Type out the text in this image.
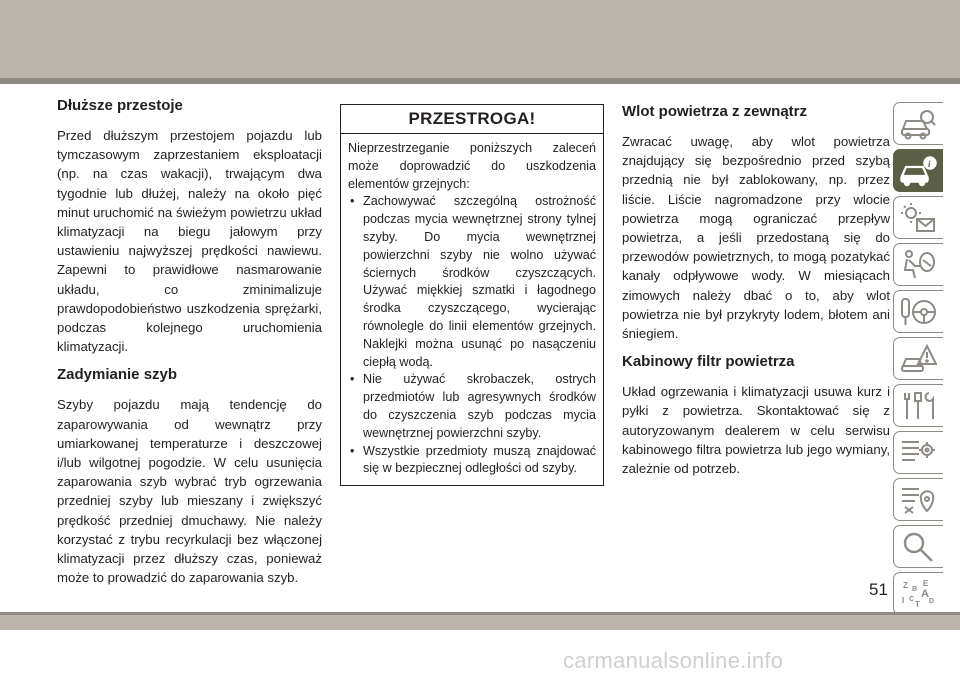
Dłuższe przestoje

Przed dłuższym przestojem pojazdu lub tymczasowym zaprzestaniem eksploatacji (np. na czas wakacji), trwającym dwa tygodnie lub dłużej, należy na około pięć minut uruchomić na świeżym powietrzu układ klimatyzacji na biegu jałowym przy ustawieniu najwyższej prędkości nawiewu. Zapewni to prawidłowe nasmarowanie układu, co zminimalizuje prawdopodobieństwo uszkodzenia sprężarki, podczas kolejnego uruchomienia klimatyzacji.

Zadymianie szyb

Szyby pojazdu mają tendencję do zaparowywania od wewnątrz przy umiarkowanej temperaturze i deszczowej i/lub wilgotnej pogodzie. W celu usunięcia zaparowania szyb wybrać tryb ogrzewania przedniej szyby lub mieszany i zwiększyć prędkość przedniej dmuchawy. Nie należy korzystać z trybu recyrkulacji bez włączonej klimatyzacji przez dłuższy czas, ponieważ może to prowadzić do zaparowania szyb.

PRZESTROGA!

Nieprzestrzeganie poniższych zaleceń może doprowadzić do uszkodzenia elementów grzejnych:

• Zachowywać szczególną ostrożność podczas mycia wewnętrznej strony tylnej szyby. Do mycia wewnętrznej powierzchni szyby nie wolno używać ściernych środków czyszczących. Używać miękkiej szmatki i łagodnego środka czyszczącego, wycierając równolegle do linii elementów grzejnych. Naklejki można usunąć po nasączeniu ciepłą wodą.
• Nie używać skrobaczek, ostrych przedmiotów lub agresywnych środków do czyszczenia szyb podczas mycia wewnętrznej powierzchni szyby.
• Wszystkie przedmioty muszą znajdować się w bezpiecznej odległości od szyby.
Wlot powietrza z zewnątrz

Zwracać uwagę, aby wlot powietrza znajdujący się bezpośrednio przed szybą przednią nie był zablokowany, np. przez liście. Liście nagromadzone przy wlocie powietrza mogą ograniczać przepływ powietrza, a jeśli przedostaną się do przewodów powietrznych, to mogą pozatykać kanały odpływowe wody. W miesiącach zimowych należy dbać o to, aby wlot powietrza nie był przykryty lodem, błotem ani śniegiem.

Kabinowy filtr powietrza

Układ ogrzewania i klimatyzacji usuwa kurz i pyłki z powietrza. Skontaktować się z autoryzowanym dealerem w celu serwisu kabinowego filtra powietrza lub jego wymiany, zależnie od potrzeb.

i
Z B
E
A
I C
T D
51
carmanualsonline.info
